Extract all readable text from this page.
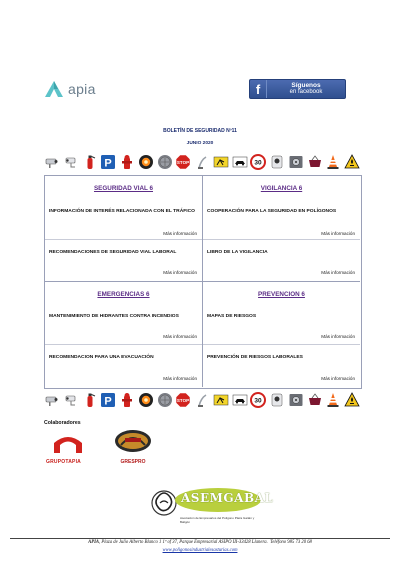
apia	f	Síguenos
en facebook
BOLETÍN DE SEGURIDAD Nº11
JUNIO 2020
P	STOP	30
SEGURIDAD VIAL 6
INFORMACIÓN DE INTERÉS RELACIONADA CON EL TRÁFICO
Más información
RECOMENDACIONES DE SEGURIDAD VIAL LABORAL
Más información
VIGILANCIA 6
COOPERACIÓN PARA LA SEGURIDAD EN POLÍGONOS
Más información
LIBRO DE LA VIGILANCIA
Más información
EMERGENCIAS 6
MANTENIMIENTO DE HIDRANTES CONTRA INCENDIOS
Más información
RECOMENDACION PARA UNA EVACUACIÓN
Más información
PREVENCION 6
MAPAS DE RIESGOS
Más información
PREVENCIÓN DE RIESGOS LABORALES
Más información
P	STOP	30
Colaboradores
GRUPOTAPIA	GRESPRO
ASEMGABAL
Asociación de Empresarios del Polígono Plaza Gaitán y Baligón
APIA, Plaza de Julio Alberto Blanco 1 1º of 37, Parque Empresarial ASIPO III-33428 Llanera. Teléfono 985 73 20 68
www.poligonosindustrialesasturias.com
